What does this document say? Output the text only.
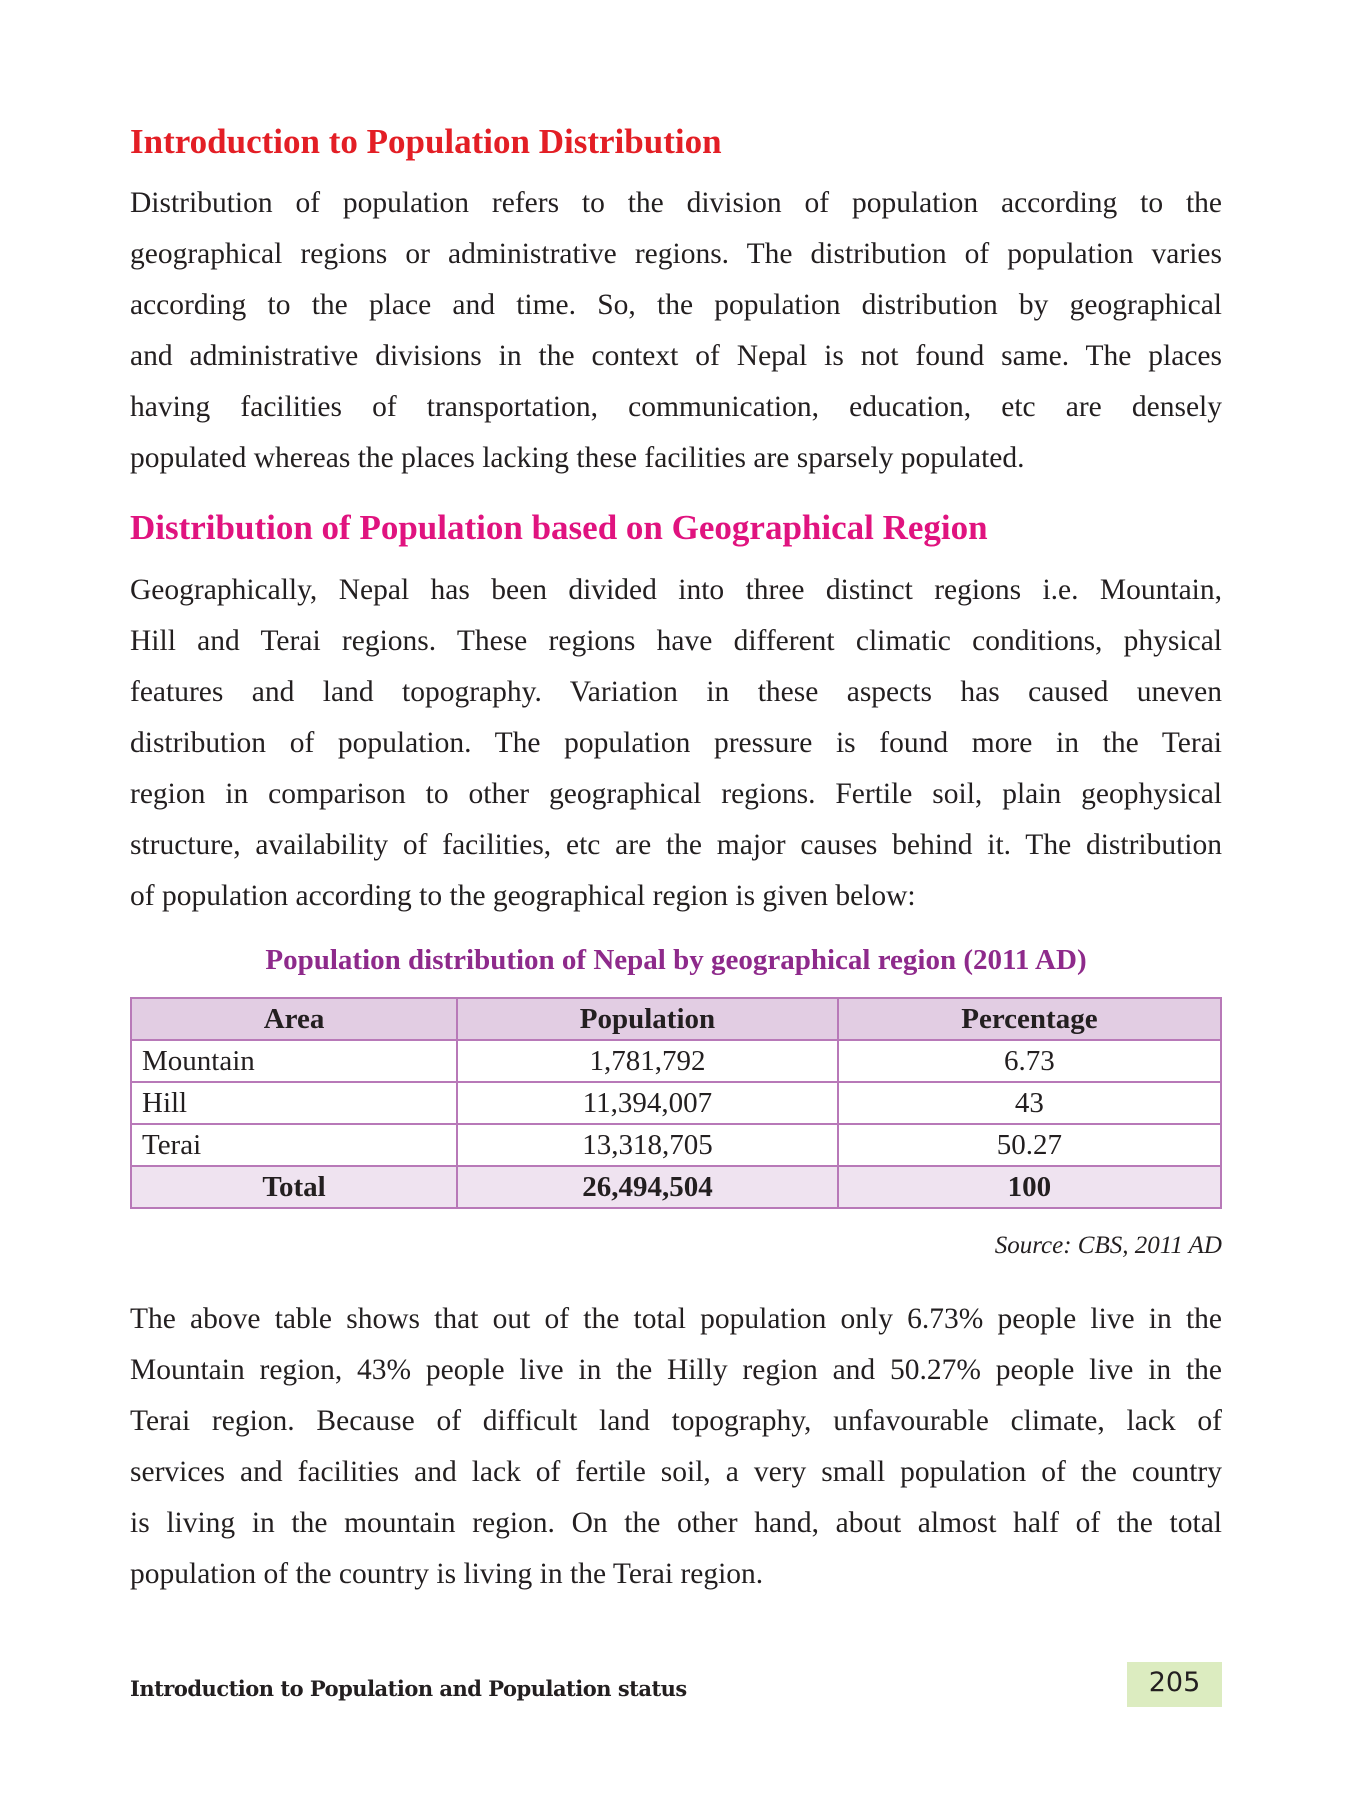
Introduction to Population Distribution
Distribution of population refers to the division of population according to the
geographical regions or administrative regions. The distribution of population varies
according to the place and time. So, the population distribution by geographical
and administrative divisions in the context of Nepal is not found same. The places
having facilities of transportation, communication, education, etc are densely
populated whereas the places lacking these facilities are sparsely populated.
Distribution of Population based on Geographical Region
Geographically, Nepal has been divided into three distinct regions i.e. Mountain,
Hill and Terai regions. These regions have different climatic conditions, physical
features and land topography. Variation in these aspects has caused uneven
distribution of population. The population pressure is found more in the Terai
region in comparison to other geographical regions. Fertile soil, plain geophysical
structure, availability of facilities, etc are the major causes behind it. The distribution
of population according to the geographical region is given below:
Population distribution of Nepal by geographical region (2011 AD)
Area	Population	Percentage
Mountain	1,781,792	6.73
Hill	11,394,007	43
Terai	13,318,705	50.27
Total	26,494,504	100
Source: CBS, 2011 AD
The above table shows that out of the total population only 6.73% people live in the
Mountain region, 43% people live in the Hilly region and 50.27% people live in the
Terai region. Because of difficult land topography, unfavourable climate, lack of
services and facilities and lack of fertile soil, a very small population of the country
is living in the mountain region. On the other hand, about almost half of the total
population of the country is living in the Terai region.
Introduction to Population and Population status	205
